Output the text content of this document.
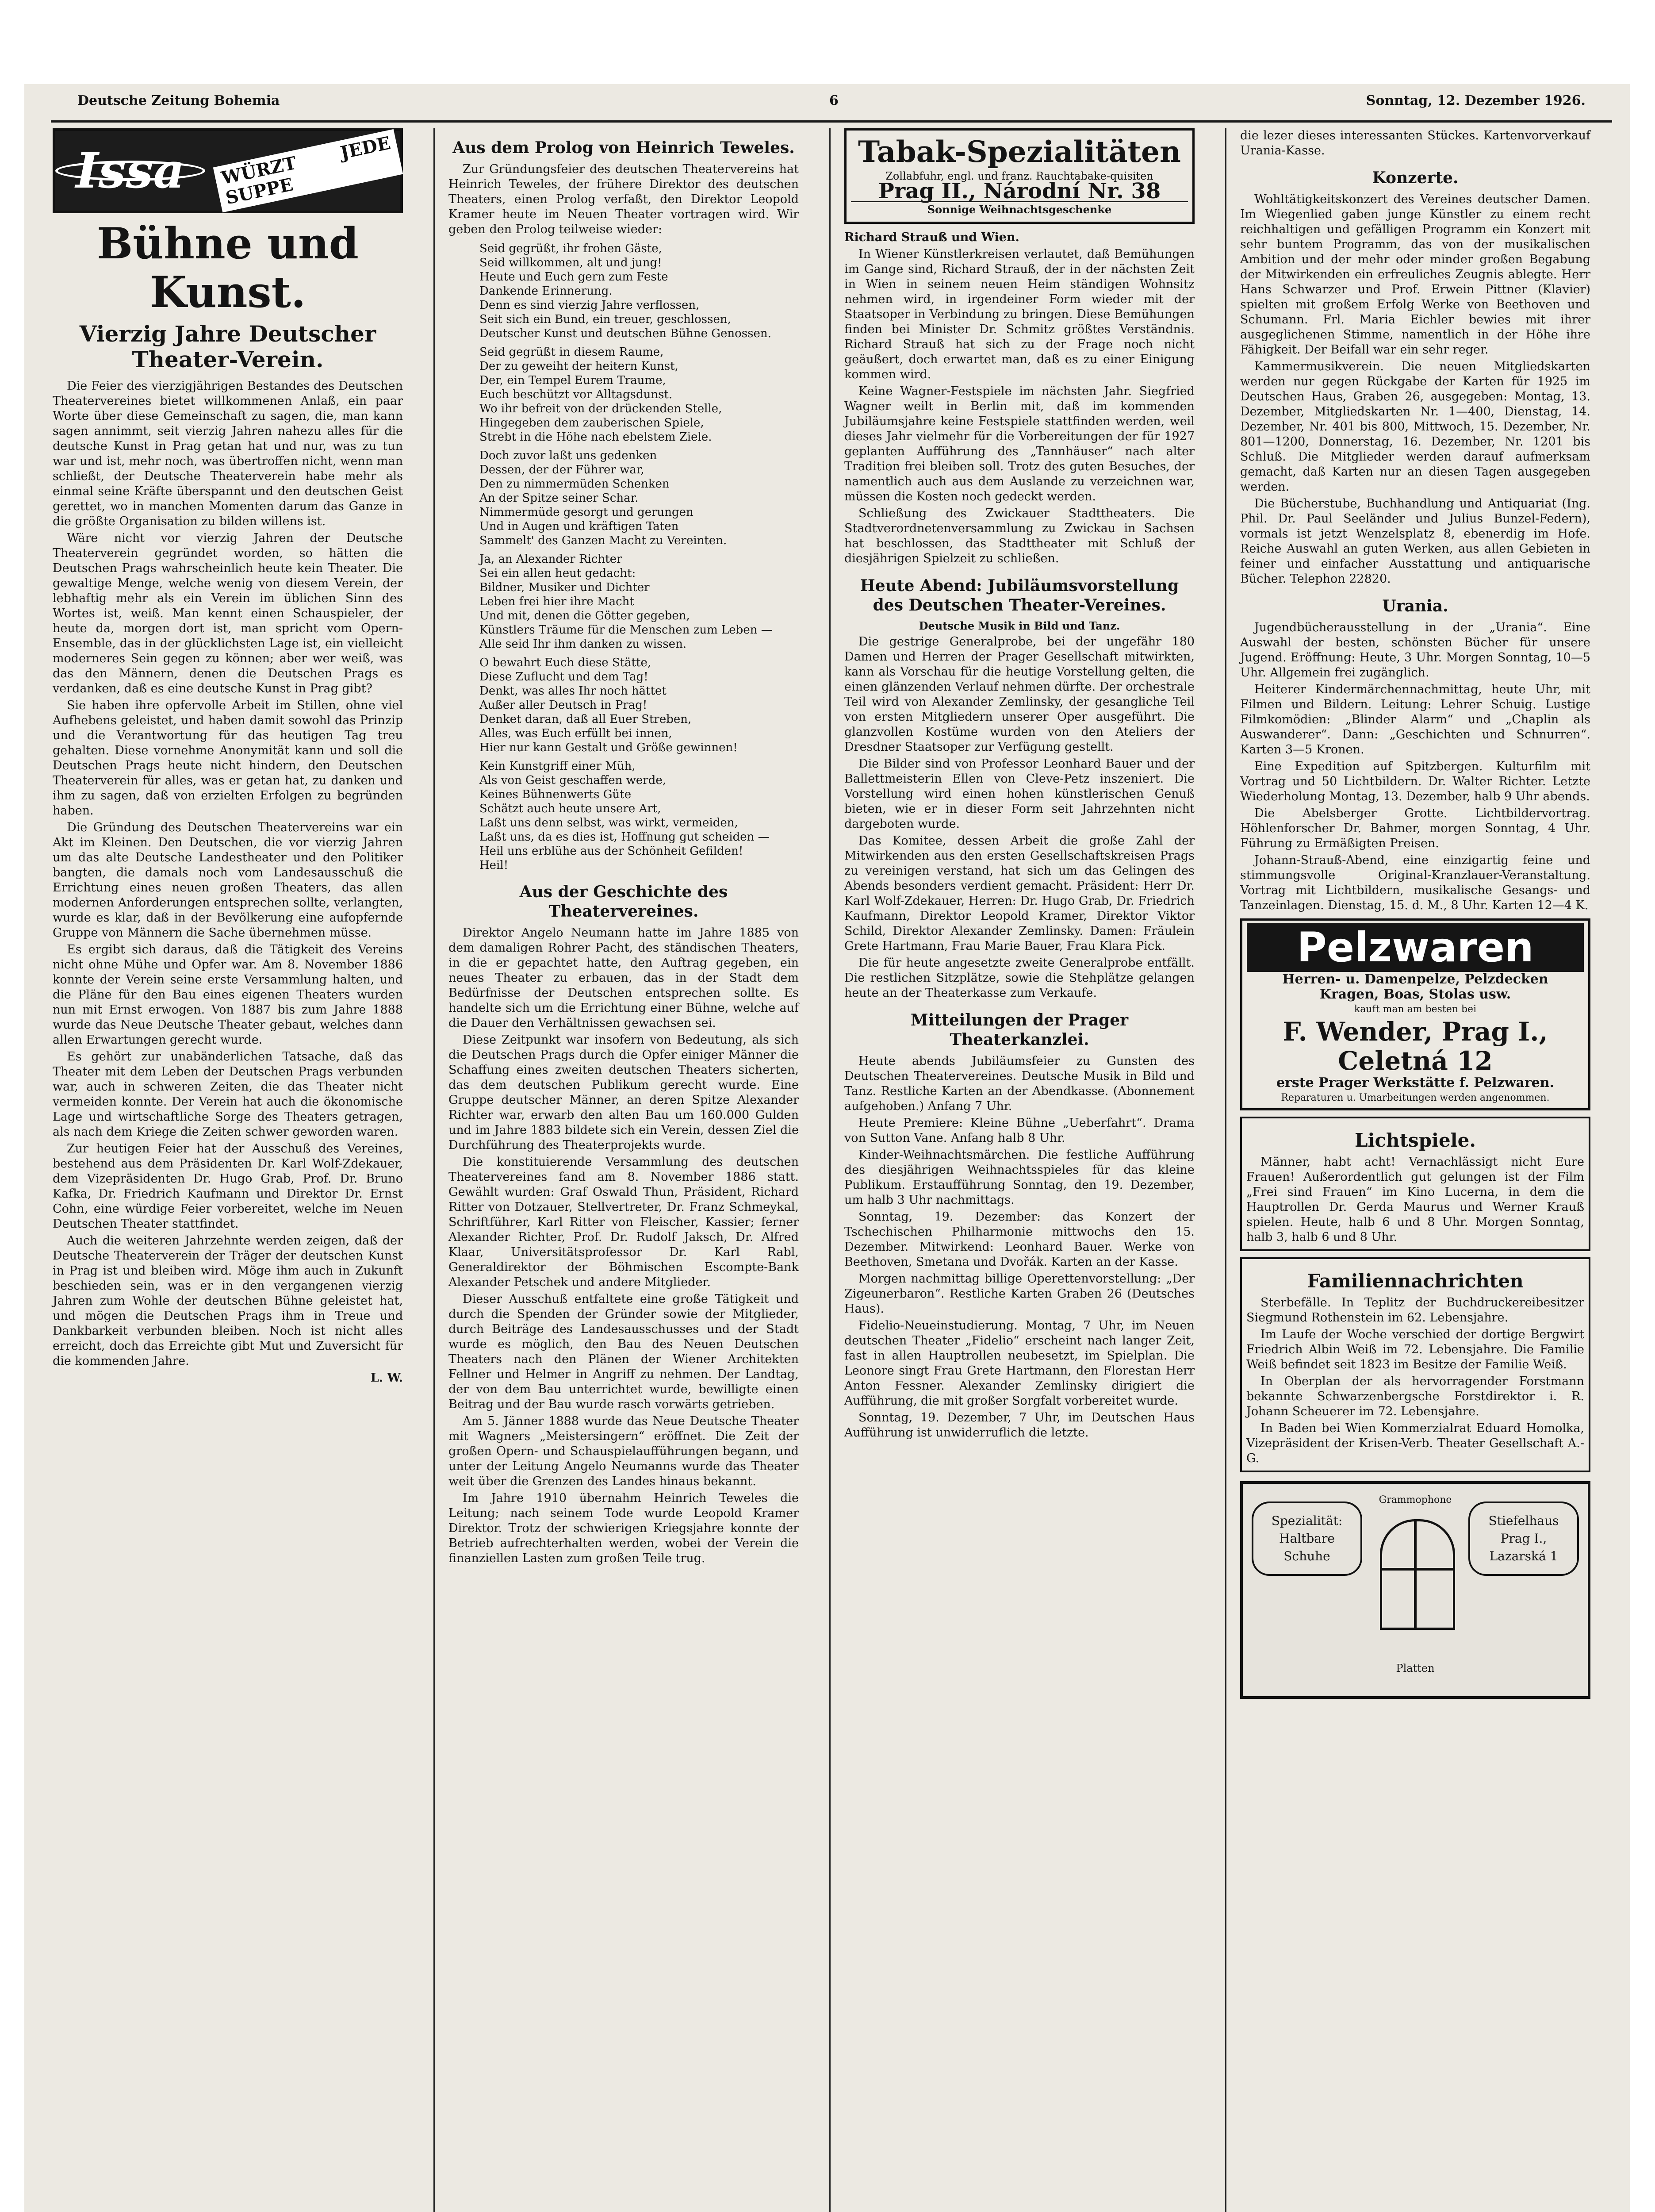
Deutsche Zeitung Bohemia	6	Sonntag, 12. Dezember 1926.
Issa	WÜRZT JEDE SUPPE
Bühne und Kunst.
Vierzig Jahre Deutscher Theater-Verein.

Die Feier des vierzigjährigen Bestandes des Deutschen Theatervereines bietet willkommenen Anlaß, ein paar Worte über diese Gemeinschaft zu sagen, die, man kann sagen annimmt, seit vierzig Jahren nahezu alles für die deutsche Kunst in Prag getan hat und nur, was zu tun war und ist, mehr noch, was übertroffen nicht, wenn man schließt, der Deutsche Theaterverein habe mehr als einmal seine Kräfte überspannt und den deutschen Geist gerettet, wo in manchen Momenten darum das Ganze in die größte Organisation zu bilden willens ist.

Wäre nicht vor vierzig Jahren der Deutsche Theaterverein gegründet worden, so hätten die Deutschen Prags wahrscheinlich heute kein Theater. Die gewaltige Menge, welche wenig von diesem Verein, der lebhaftig mehr als ein Verein im üblichen Sinn des Wortes ist, weiß. Man kennt einen Schauspieler, der heute da, morgen dort ist, man spricht vom Opern-Ensemble, das in der glücklichsten Lage ist, ein vielleicht moderneres Sein gegen zu können; aber wer weiß, was das den Männern, denen die Deutschen Prags es verdanken, daß es eine deutsche Kunst in Prag gibt?

Sie haben ihre opfervolle Arbeit im Stillen, ohne viel Aufhebens geleistet, und haben damit sowohl das Prinzip und die Verantwortung für das heutigen Tag treu gehalten. Diese vornehme Anonymität kann und soll die Deutschen Prags heute nicht hindern, den Deutschen Theaterverein für alles, was er getan hat, zu danken und ihm zu sagen, daß von erzielten Erfolgen zu begründen haben.

Die Gründung des Deutschen Theatervereins war ein Akt im Kleinen. Den Deutschen, die vor vierzig Jahren um das alte Deutsche Landestheater und den Politiker bangten, die damals noch vom Landesausschuß die Errichtung eines neuen großen Theaters, das allen modernen Anforderungen entsprechen sollte, verlangten, wurde es klar, daß in der Bevölkerung eine aufopfernde Gruppe von Männern die Sache übernehmen müsse.

Es ergibt sich daraus, daß die Tätigkeit des Vereins nicht ohne Mühe und Opfer war. Am 8. November 1886 konnte der Verein seine erste Versammlung halten, und die Pläne für den Bau eines eigenen Theaters wurden nun mit Ernst erwogen. Von 1887 bis zum Jahre 1888 wurde das Neue Deutsche Theater gebaut, welches dann allen Erwartungen gerecht wurde.

Es gehört zur unabänderlichen Tatsache, daß das Theater mit dem Leben der Deutschen Prags verbunden war, auch in schweren Zeiten, die das Theater nicht vermeiden konnte. Der Verein hat auch die ökonomische Lage und wirtschaftliche Sorge des Theaters getragen, als nach dem Kriege die Zeiten schwer geworden waren.

Zur heutigen Feier hat der Ausschuß des Vereines, bestehend aus dem Präsidenten Dr. Karl Wolf-Zdekauer, dem Vizepräsidenten Dr. Hugo Grab, Prof. Dr. Bruno Kafka, Dr. Friedrich Kaufmann und Direktor Dr. Ernst Cohn, eine würdige Feier vorbereitet, welche im Neuen Deutschen Theater stattfindet.

Auch die weiteren Jahrzehnte werden zeigen, daß der Deutsche Theaterverein der Träger der deutschen Kunst in Prag ist und bleiben wird. Möge ihm auch in Zukunft beschieden sein, was er in den vergangenen vierzig Jahren zum Wohle der deutschen Bühne geleistet hat, und mögen die Deutschen Prags ihm in Treue und Dankbarkeit verbunden bleiben. Noch ist nicht alles erreicht, doch das Erreichte gibt Mut und Zuversicht für die kommenden Jahre.

L. W.

Aus dem Prolog von Heinrich Teweles.

Zur Gründungsfeier des deutschen Theatervereins hat Heinrich Teweles, der frühere Direktor des deutschen Theaters, einen Prolog verfaßt, den Direktor Leopold Kramer heute im Neuen Theater vortragen wird. Wir geben den Prolog teilweise wieder:

Seid gegrüßt, ihr frohen Gäste,
Seid willkommen, alt und jung!
Heute und Euch gern zum Feste
Dankende Erinnerung.
Denn es sind vierzig Jahre verflossen,
Seit sich ein Bund, ein treuer, geschlossen,
Deutscher Kunst und deutschen Bühne Genossen.
Seid gegrüßt in diesem Raume,
Der zu geweiht der heitern Kunst,
Der, ein Tempel Eurem Traume,
Euch beschützt vor Alltagsdunst.
Wo ihr befreit von der drückenden Stelle,
Hingegeben dem zauberischen Spiele,
Strebt in die Höhe nach ebelstem Ziele.
Doch zuvor laßt uns gedenken
Dessen, der der Führer war,
Den zu nimmermüden Schenken
An der Spitze seiner Schar.
Nimmermüde gesorgt und gerungen
Und in Augen und kräftigen Taten
Sammelt' des Ganzen Macht zu Vereinten.
Ja, an Alexander Richter
Sei ein allen heut gedacht:
Bildner, Musiker und Dichter
Leben frei hier ihre Macht
Und mit, denen die Götter gegeben,
Künstlers Träume für die Menschen zum Leben —
Alle seid Ihr ihm danken zu wissen.
O bewahrt Euch diese Stätte,
Diese Zuflucht und dem Tag!
Denkt, was alles Ihr noch hättet
Außer aller Deutsch in Prag!
Denket daran, daß all Euer Streben,
Alles, was Euch erfüllt bei innen,
Hier nur kann Gestalt und Größe gewinnen!
Kein Kunstgriff einer Müh,
Als von Geist geschaffen werde,
Keines Bühnenwerts Güte
Schätzt auch heute unsere Art,
Laßt uns denn selbst, was wirkt, vermeiden,
Laßt uns, da es dies ist, Hoffnung gut scheiden —
Heil uns erblühe aus der Schönheit Gefilden!
Heil!
Aus der Geschichte des Theatervereines.

Direktor Angelo Neumann hatte im Jahre 1885 von dem damaligen Rohrer Pacht, des ständischen Theaters, in die er gepachtet hatte, den Auftrag gegeben, ein neues Theater zu erbauen, das in der Stadt dem Bedürfnisse der Deutschen entsprechen sollte. Es handelte sich um die Errichtung einer Bühne, welche auf die Dauer den Verhältnissen gewachsen sei.

Diese Zeitpunkt war insofern von Bedeutung, als sich die Deutschen Prags durch die Opfer einiger Männer die Schaffung eines zweiten deutschen Theaters sicherten, das dem deutschen Publikum gerecht wurde. Eine Gruppe deutscher Männer, an deren Spitze Alexander Richter war, erwarb den alten Bau um 160.000 Gulden und im Jahre 1883 bildete sich ein Verein, dessen Ziel die Durchführung des Theaterprojekts wurde.

Die konstituierende Versammlung des deutschen Theatervereines fand am 8. November 1886 statt. Gewählt wurden: Graf Oswald Thun, Präsident, Richard Ritter von Dotzauer, Stellvertreter, Dr. Franz Schmeykal, Schriftführer, Karl Ritter von Fleischer, Kassier; ferner Alexander Richter, Prof. Dr. Rudolf Jaksch, Dr. Alfred Klaar, Universitätsprofessor Dr. Karl Rabl, Generaldirektor der Böhmischen Escompte-Bank Alexander Petschek und andere Mitglieder.

Dieser Ausschuß entfaltete eine große Tätigkeit und durch die Spenden der Gründer sowie der Mitglieder, durch Beiträge des Landesausschusses und der Stadt wurde es möglich, den Bau des Neuen Deutschen Theaters nach den Plänen der Wiener Architekten Fellner und Helmer in Angriff zu nehmen. Der Landtag, der von dem Bau unterrichtet wurde, bewilligte einen Beitrag und der Bau wurde rasch vorwärts getrieben.

Am 5. Jänner 1888 wurde das Neue Deutsche Theater mit Wagners „Meistersingern“ eröffnet. Die Zeit der großen Opern- und Schauspielaufführungen begann, und unter der Leitung Angelo Neumanns wurde das Theater weit über die Grenzen des Landes hinaus bekannt.

Im Jahre 1910 übernahm Heinrich Teweles die Leitung; nach seinem Tode wurde Leopold Kramer Direktor. Trotz der schwierigen Kriegsjahre konnte der Betrieb aufrechterhalten werden, wobei der Verein die finanziellen Lasten zum großen Teile trug.

Tabak-Spezialitäten
Zollabfuhr, engl. und franz. Rauchtabake-quisiten
Prag II., Národní Nr. 38
Sonnige Weihnachtsgeschenke

Richard Strauß und Wien.

In Wiener Künstlerkreisen verlautet, daß Bemühungen im Gange sind, Richard Strauß, der in der nächsten Zeit in Wien in seinem neuen Heim ständigen Wohnsitz nehmen wird, in irgendeiner Form wieder mit der Staatsoper in Verbindung zu bringen. Diese Bemühungen finden bei Minister Dr. Schmitz größtes Verständnis. Richard Strauß hat sich zu der Frage noch nicht geäußert, doch erwartet man, daß es zu einer Einigung kommen wird.

Keine Wagner-Festspiele im nächsten Jahr. Siegfried Wagner weilt in Berlin mit, daß im kommenden Jubiläumsjahre keine Festspiele stattfinden werden, weil dieses Jahr vielmehr für die Vorbereitungen der für 1927 geplanten Aufführung des „Tannhäuser“ nach alter Tradition frei bleiben soll. Trotz des guten Besuches, der namentlich auch aus dem Auslande zu verzeichnen war, müssen die Kosten noch gedeckt werden.

Schließung des Zwickauer Stadttheaters. Die Stadtverordnetenversammlung zu Zwickau in Sachsen hat beschlossen, das Stadttheater mit Schluß der diesjährigen Spielzeit zu schließen.

Heute Abend: Jubiläumsvorstellung des Deutschen Theater-Vereines.

Deutsche Musik in Bild und Tanz.

Die gestrige Generalprobe, bei der ungefähr 180 Damen und Herren der Prager Gesellschaft mitwirkten, kann als Vorschau für die heutige Vorstellung gelten, die einen glänzenden Verlauf nehmen dürfte. Der orchestrale Teil wird von Alexander Zemlinsky, der gesangliche Teil von ersten Mitgliedern unserer Oper ausgeführt. Die glanzvollen Kostüme wurden von den Ateliers der Dresdner Staatsoper zur Verfügung gestellt.

Die Bilder sind von Professor Leonhard Bauer und der Ballettmeisterin Ellen von Cleve-Petz inszeniert. Die Vorstellung wird einen hohen künstlerischen Genuß bieten, wie er in dieser Form seit Jahrzehnten nicht dargeboten wurde.

Das Komitee, dessen Arbeit die große Zahl der Mitwirkenden aus den ersten Gesellschaftskreisen Prags zu vereinigen verstand, hat sich um das Gelingen des Abends besonders verdient gemacht. Präsident: Herr Dr. Karl Wolf-Zdekauer, Herren: Dr. Hugo Grab, Dr. Friedrich Kaufmann, Direktor Leopold Kramer, Direktor Viktor Schild, Direktor Alexander Zemlinsky. Damen: Fräulein Grete Hartmann, Frau Marie Bauer, Frau Klara Pick.

Die für heute angesetzte zweite Generalprobe entfällt. Die restlichen Sitzplätze, sowie die Stehplätze gelangen heute an der Theaterkasse zum Verkaufe.

Mitteilungen der Prager Theaterkanzlei.

Heute abends Jubiläumsfeier zu Gunsten des Deutschen Theatervereines. Deutsche Musik in Bild und Tanz. Restliche Karten an der Abendkasse. (Abonnement aufgehoben.) Anfang 7 Uhr.

Heute Premiere: Kleine Bühne „Ueberfahrt“. Drama von Sutton Vane. Anfang halb 8 Uhr.

Kinder-Weihnachtsmärchen. Die festliche Aufführung des diesjährigen Weihnachtsspieles für das kleine Publikum. Erstaufführung Sonntag, den 19. Dezember, um halb 3 Uhr nachmittags.

Sonntag, 19. Dezember: das Konzert der Tschechischen Philharmonie mittwochs den 15. Dezember. Mitwirkend: Leonhard Bauer. Werke von Beethoven, Smetana und Dvořák. Karten an der Kasse.

Morgen nachmittag billige Operettenvorstellung: „Der Zigeunerbaron“. Restliche Karten Graben 26 (Deutsches Haus).

Fidelio-Neueinstudierung. Montag, 7 Uhr, im Neuen deutschen Theater „Fidelio“ erscheint nach langer Zeit, fast in allen Hauptrollen neubesetzt, im Spielplan. Die Leonore singt Frau Grete Hartmann, den Florestan Herr Anton Fessner. Alexander Zemlinsky dirigiert die Aufführung, die mit großer Sorgfalt vorbereitet wurde.

Sonntag, 19. Dezember, 7 Uhr, im Deutschen Haus Aufführung ist unwiderruflich die letzte.

die lezer dieses interessanten Stückes. Kartenvorverkauf Urania-Kasse.

Konzerte.

Wohltätigkeitskonzert des Vereines deutscher Damen. Im Wiegenlied gaben junge Künstler zu einem recht reichhaltigen und gefälligen Programm ein Konzert mit sehr buntem Programm, das von der musikalischen Ambition und der mehr oder minder großen Begabung der Mitwirkenden ein erfreuliches Zeugnis ablegte. Herr Hans Schwarzer und Prof. Erwein Pittner (Klavier) spielten mit großem Erfolg Werke von Beethoven und Schumann. Frl. Maria Eichler bewies mit ihrer ausgeglichenen Stimme, namentlich in der Höhe ihre Fähigkeit. Der Beifall war ein sehr reger.

Kammermusikverein. Die neuen Mitgliedskarten werden nur gegen Rückgabe der Karten für 1925 im Deutschen Haus, Graben 26, ausgegeben: Montag, 13. Dezember, Mitgliedskarten Nr. 1—400, Dienstag, 14. Dezember, Nr. 401 bis 800, Mittwoch, 15. Dezember, Nr. 801—1200, Donnerstag, 16. Dezember, Nr. 1201 bis Schluß. Die Mitglieder werden darauf aufmerksam gemacht, daß Karten nur an diesen Tagen ausgegeben werden.

Die Bücherstube, Buchhandlung und Antiquariat (Ing. Phil. Dr. Paul Seeländer und Julius Bunzel-Federn), vormals ist jetzt Wenzelsplatz 8, ebenerdig im Hofe. Reiche Auswahl an guten Werken, aus allen Gebieten in feiner und einfacher Ausstattung und antiquarische Bücher. Telephon 22820.

Urania.

Jugendbücherausstellung in der „Urania“. Eine Auswahl der besten, schönsten Bücher für unsere Jugend. Eröffnung: Heute, 3 Uhr. Morgen Sonntag, 10—5 Uhr. Allgemein frei zugänglich.

Heiterer Kindermärchennachmittag, heute Uhr, mit Filmen und Bildern. Leitung: Lehrer Schuig. Lustige Filmkomödien: „Blinder Alarm“ und „Chaplin als Auswanderer“. Dann: „Geschichten und Schnurren“. Karten 3—5 Kronen.

Eine Expedition auf Spitzbergen. Kulturfilm mit Vortrag und 50 Lichtbildern. Dr. Walter Richter. Letzte Wiederholung Montag, 13. Dezember, halb 9 Uhr abends.

Die Abelsberger Grotte. Lichtbildervortrag. Höhlenforscher Dr. Bahmer, morgen Sonntag, 4 Uhr. Führung zu Ermäßigten Preisen.

Johann-Strauß-Abend, eine einzigartig feine und stimmungsvolle Original-Kranzlauer-Veranstaltung. Vortrag mit Lichtbildern, musikalische Gesangs- und Tanzeinlagen. Dienstag, 15. d. M., 8 Uhr. Karten 12—4 K.

Pelzwaren
Herren- u. Damenpelze, Pelzdecken
Kragen, Boas, Stolas usw.
kauft man am besten bei
F. Wender, Prag I., Celetná 12
erste Prager Werkstätte f. Pelzwaren.
Reparaturen u. Umarbeitungen werden angenommen.
Lichtspiele.

Männer, habt acht! Vernachlässigt nicht Eure Frauen! Außerordentlich gut gelungen ist der Film „Frei sind Frauen“ im Kino Lucerna, in dem die Hauptrollen Dr. Gerda Maurus und Werner Krauß spielen. Heute, halb 6 und 8 Uhr. Morgen Sonntag, halb 3, halb 6 und 8 Uhr.

Familiennachrichten

Sterbefälle. In Teplitz der Buchdruckereibesitzer Siegmund Rothenstein im 62. Lebensjahre.

Im Laufe der Woche verschied der dortige Bergwirt Friedrich Albin Weiß im 72. Lebensjahre. Die Familie Weiß befindet seit 1823 im Besitze der Familie Weiß.

In Oberplan der als hervorragender Forstmann bekannte Schwarzenbergsche Forstdirektor i. R. Johann Scheuerer im 72. Lebensjahre.

In Baden bei Wien Kommerzialrat Eduard Homolka, Vizepräsident der Krisen-Verb. Theater Gesellschaft A.-G.

Spezialität: Haltbare Schuhe
Grammophone
Platten
Stiefelhaus Prag I., Lazarská 1
